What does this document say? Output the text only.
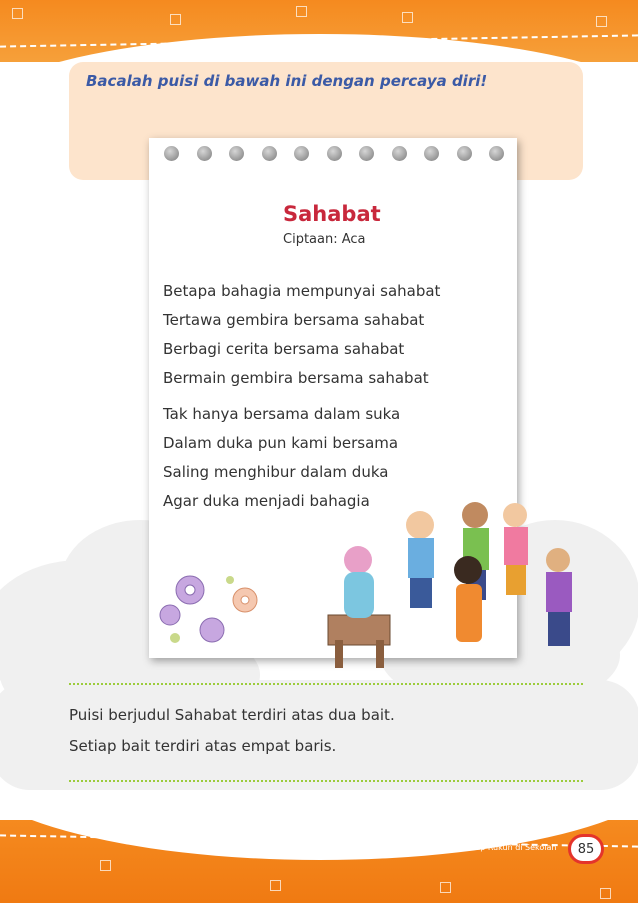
Bacalah puisi di bawah ini dengan percaya diri!
Sahabat
Ciptaan: Aca
Betapa bahagia mempunyai sahabat
Tertawa gembira bersama sahabat
Berbagi cerita bersama sahabat
Bermain gembira bersama sahabat
Tak hanya bersama dalam suka
Dalam duka pun kami bersama
Saling menghibur dalam duka
Agar duka menjadi bahagia
Puisi berjudul Sahabat terdiri atas dua bait.
Setiap bait terdiri atas empat baris.
Subtema 3: Hidup Rukun di Sekolah	85
